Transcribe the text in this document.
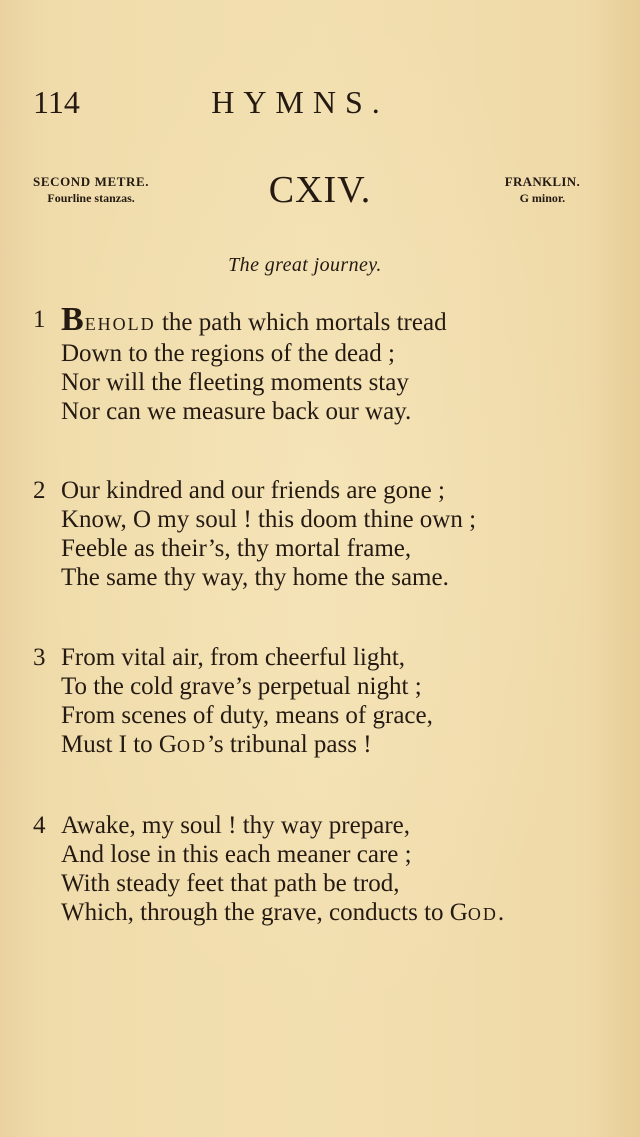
114	HYMNS.
SECOND METRE.
Fourline stanzas.	CXIV.	FRANKLIN.
G minor.
The great journey.
1 BEHOLD the path which mortals tread
Down to the regions of the dead ;
Nor will the fleeting moments stay
Nor can we measure back our way.
2 Our kindred and our friends are gone ;
Know, O my soul ! this doom thine own ;
Feeble as their’s, thy mortal frame,
The same thy way, thy home the same.
3 From vital air, from cheerful light,
To the cold grave’s perpetual night ;
From scenes of duty, means of grace,
Must I to GOD’s tribunal pass !
4 Awake, my soul ! thy way prepare,
And lose in this each meaner care ;
With steady feet that path be trod,
Which, through the grave, conducts to GOD.
